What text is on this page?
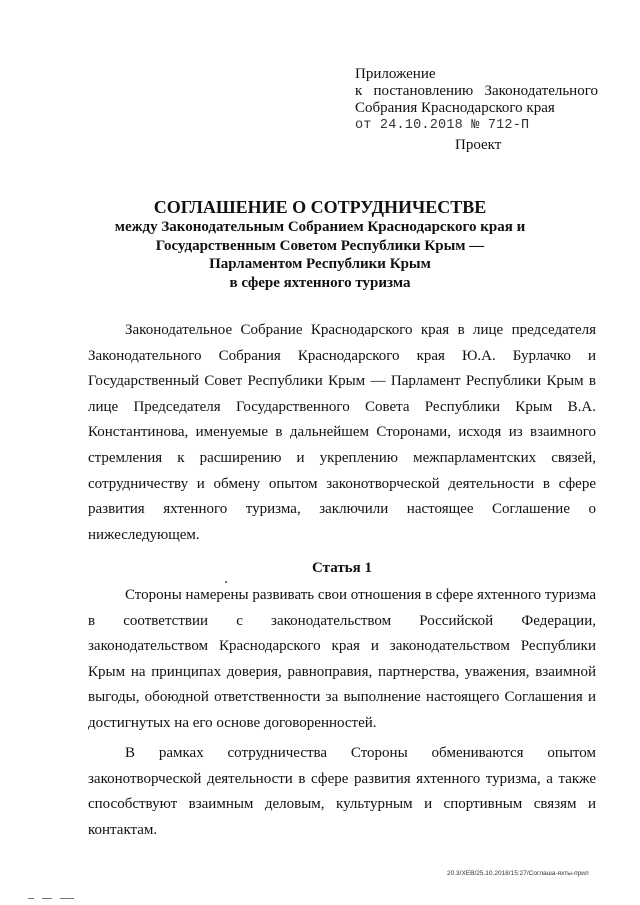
Приложение
к постановлению Законодательного
Собрания Краснодарского края
от 24.10.2018 № 712-П
Проект
СОГЛАШЕНИЕ О СОТРУДНИЧЕСТВЕ
между Законодательным Собранием Краснодарского края и
Государственным Советом Республики Крым —
Парламентом Республики Крым
в сфере яхтенного туризма

Законодательное Собрание Краснодарского края в лице председателя Законодательного Собрания Краснодарского края Ю.А. Бурлачко и Государственный Совет Республики Крым — Парламент Республики Крым в лице Председателя Государственного Совета Республики Крым В.А. Константинова, именуемые в дальнейшем Сторонами, исходя из взаимного стремления к расширению и укреплению межпарламентских связей, сотрудничеству и обмену опытом законотворческой деятельности в сфере развития яхтенного туризма, заключили настоящее Соглашение о нижеследующем.

Статья 1

Стороны намерены развивать свои отношения в сфере яхтенного туризма в соответствии с законодательством Российской Федерации, законодательством Краснодарского края и законодательством Республики Крым на принципах доверия, равноправия, партнерства, уважения, взаимной выгоды, обоюдной ответственности за выполнение настоящего Соглашения и достигнутых на его основе договоренностей.

В рамках сотрудничества Стороны обмениваются опытом законотворческой деятельности в сфере развития яхтенного туризма, а также способствуют взаимным деловым, культурным и спортивным связям и контактам.

20.3/ХЕВ/25.10.2018/15:27/Соглаша-яхты-прил
